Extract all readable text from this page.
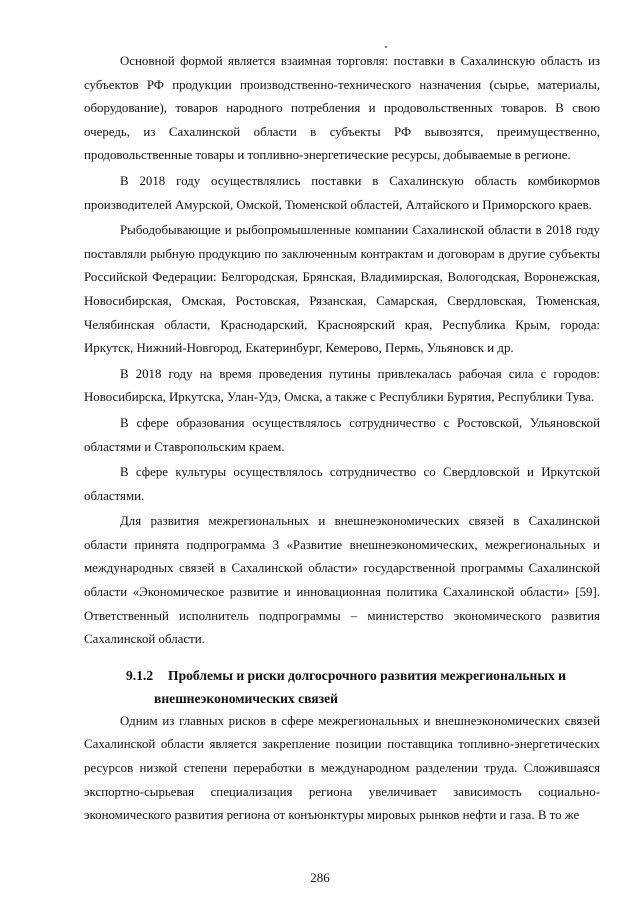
Основной формой является взаимная торговля: поставки в Сахалинскую область из субъектов РФ продукции производственно-технического назначения (сырье, материалы, оборудование), товаров народного потребления и продовольственных товаров. В свою очередь, из Сахалинской области в субъекты РФ вывозятся, преимущественно, продовольственные товары и топливно-энергетические ресурсы, добываемые в регионе.

В 2018 году осуществлялись поставки в Сахалинскую область комбикормов производителей Амурской, Омской, Тюменской областей, Алтайского и Приморского краев.

Рыбодобывающие и рыбопромышленные компании Сахалинской области в 2018 году поставляли рыбную продукцию по заключенным контрактам и договорам в другие субъекты Российской Федерации: Белгородская, Брянская, Владимирская, Вологодская, Воронежская, Новосибирская, Омская, Ростовская, Рязанская, Самарская, Свердловская, Тюменская, Челябинская области, Краснодарский, Красноярский края, Республика Крым, города: Иркутск, Нижний-Новгород, Екатеринбург, Кемерово, Пермь, Ульяновск и др.

В 2018 году на время проведения путины привлекалась рабочая сила с городов: Новосибирска, Иркутска, Улан-Удэ, Омска, а также с Республики Бурятия, Республики Тува.

В сфере образования осуществлялось сотрудничество с Ростовской, Ульяновской областями и Ставропольским краем.

В сфере культуры осуществлялось сотрудничество со Свердловской и Иркутской областями.

Для развития межрегиональных и внешнеэкономических связей в Сахалинской области принята подпрограмма 3 «Развитие внешнеэкономических, межрегиональных и международных связей в Сахалинской области» государственной программы Сахалинской области «Экономическое развитие и инновационная политика Сахалинской области» [59]. Ответственный исполнитель подпрограммы – министерство экономического развития Сахалинской области.

9.1.2 Проблемы и риски долгосрочного развития межрегиональных и внешнеэкономических связей

Одним из главных рисков в сфере межрегиональных и внешнеэкономических связей Сахалинской области является закрепление позиции поставщика топливно-энергетических ресурсов низкой степени переработки в международном разделении труда. Сложившаяся экспортно-сырьевая специализация региона увеличивает зависимость социально-экономического развития региона от конъюнктуры мировых рынков нефти и газа. В то же

286
